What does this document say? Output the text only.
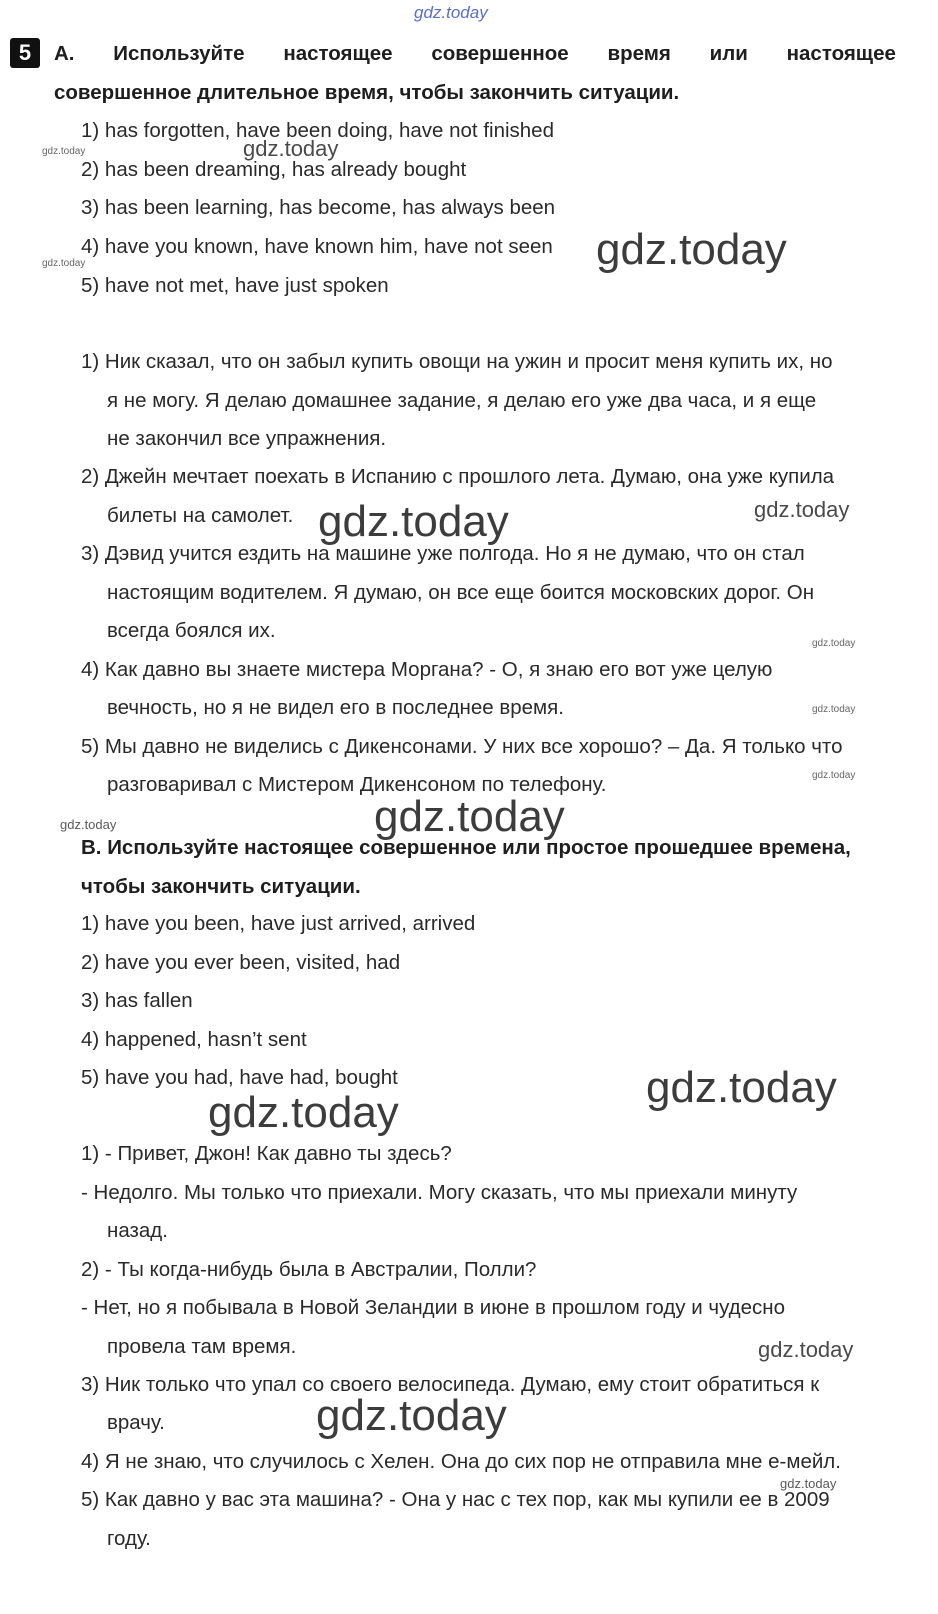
gdz.today
5	A. Используйте настоящее совершенное время или настоящее
совершенное длительное время, чтобы закончить ситуации.
1) has forgotten, have been doing, have not finished
2) has been dreaming, has already bought
3) has been learning, has become, has always been
4) have you known, have known him, have not seen
5) have not met, have just spoken
1) Ник сказал, что он забыл купить овощи на ужин и просит меня купить их, но
я не могу. Я делаю домашнее задание, я делаю его уже два часа, и я еще
не закончил все упражнения.
2) Джейн мечтает поехать в Испанию с прошлого лета. Думаю, она уже купила
билеты на самолет.
3) Дэвид учится ездить на машине уже полгода. Но я не думаю, что он стал
настоящим водителем. Я думаю, он все еще боится московских дорог. Он
всегда боялся их.
4) Как давно вы знаете мистера Моргана? - О, я знаю его вот уже целую
вечность, но я не видел его в последнее время.
5) Мы давно не виделись с Дикенсонами. У них все хорошо? – Да. Я только что
разговаривал с Мистером Дикенсоном по телефону.
В. Используйте настоящее совершенное или простое прошедшее времена,
чтобы закончить ситуации.
1) have you been, have just arrived, arrived
2) have you ever been, visited, had
3) has fallen
4) happened, hasn’t sent
5) have you had, have had, bought
1) - Привет, Джон! Как давно ты здесь?
- Недолго. Мы только что приехали. Могу сказать, что мы приехали минуту
назад.
2) - Ты когда-нибудь была в Австралии, Полли?
- Нет, но я побывала в Новой Зеландии в июне в прошлом году и чудесно
провела там время.
3) Ник только что упал со своего велосипеда. Думаю, ему стоит обратиться к
врачу.
4) Я не знаю, что случилось с Хелен. Она до сих пор не отправила мне е-мейл.
5) Как давно у вас эта машина? - Она у нас с тех пор, как мы купили ее в 2009
году.
gdz.today
gdz.today
gdz.today
gdz.today
gdz.today	gdz.today
gdz.today
gdz.today
gdz.today
gdz.today
gdz.today
gdz.today
gdz.today
gdz.today
gdz.today
gdz.today
